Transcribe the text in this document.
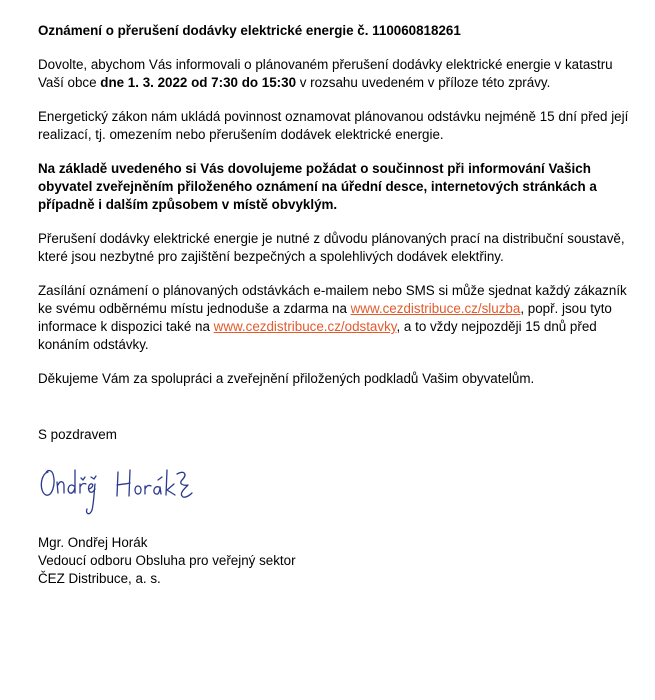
Oznámení o přerušení dodávky elektrické energie č. 110060818261

Dovolte, abychom Vás informovali o plánovaném přerušení dodávky elektrické energie v katastru Vaší obce dne 1. 3. 2022 od 7:30 do 15:30 v rozsahu uvedeném v příloze této zprávy.

Energetický zákon nám ukládá povinnost oznamovat plánovanou odstávku nejméně 15 dní před její realizací, tj. omezením nebo přerušením dodávek elektrické energie.

Na základě uvedeného si Vás dovolujeme požádat o součinnost při informování Vašich obyvatel zveřejněním přiloženého oznámení na úřední desce, internetových stránkách a případně i dalším způsobem v místě obvyklým.

Přerušení dodávky elektrické energie je nutné z důvodu plánovaných prací na distribuční soustavě, které jsou nezbytné pro zajištění bezpečných a spolehlivých dodávek elektřiny.

Zasílání oznámení o plánovaných odstávkách e-mailem nebo SMS si může sjednat každý zákazník ke svému odběrnému místu jednoduše a zdarma na www.cezdistribuce.cz/sluzba, popř. jsou tyto informace k dispozici také na www.cezdistribuce.cz/odstavky, a to vždy nejpozději 15 dnů před konáním odstávky.

Děkujeme Vám za spolupráci a zveřejnění přiložených podkladů Vašim obyvatelům.

S pozdravem

Mgr. Ondřej Horák

Vedoucí odboru Obsluha pro veřejný sektor

ČEZ Distribuce, a. s.
